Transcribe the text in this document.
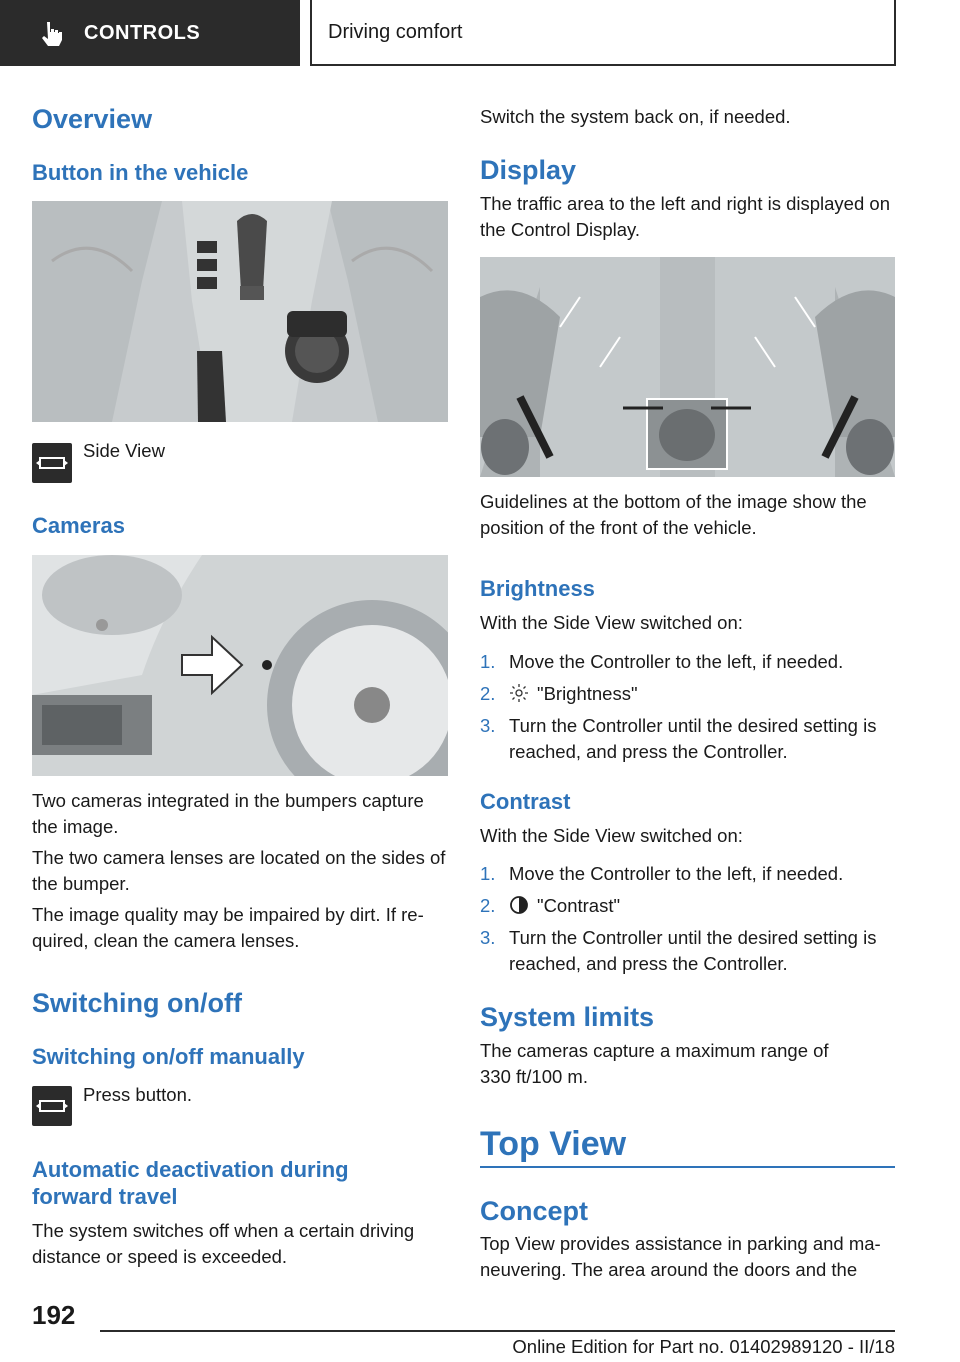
CONTROLS	Driving comfort
Overview
Button in the vehicle
Side View
Cameras
Two cameras integrated in the bumpers capture the image.
The two camera lenses are located on the sides of the bumper.
The image quality may be impaired by dirt. If required, clean the camera lenses.
Switching on/off
Switching on/off manually
Press button.
Automatic deactivation during
forward travel
The system switches off when a certain driving distance or speed is exceeded.
Switch the system back on, if needed.
Display
The traffic area to the left and right is displayed on the Control Display.
Guidelines at the bottom of the image show the position of the front of the vehicle.
Brightness
With the Side View switched on:
1. Move the Controller to the left, if needed.
2. "Brightness"
3. Turn the Controller until the desired setting is reached, and press the Controller.
Contrast
With the Side View switched on:
1. Move the Controller to the left, if needed.
2. "Contrast"
3. Turn the Controller until the desired setting is reached, and press the Controller.
System limits
The cameras capture a maximum range of 330 ft/100 m.
Top View
Concept
Top View provides assistance in parking and maneuvering. The area around the doors and the
192
Online Edition for Part no. 01402989120 - II/18
